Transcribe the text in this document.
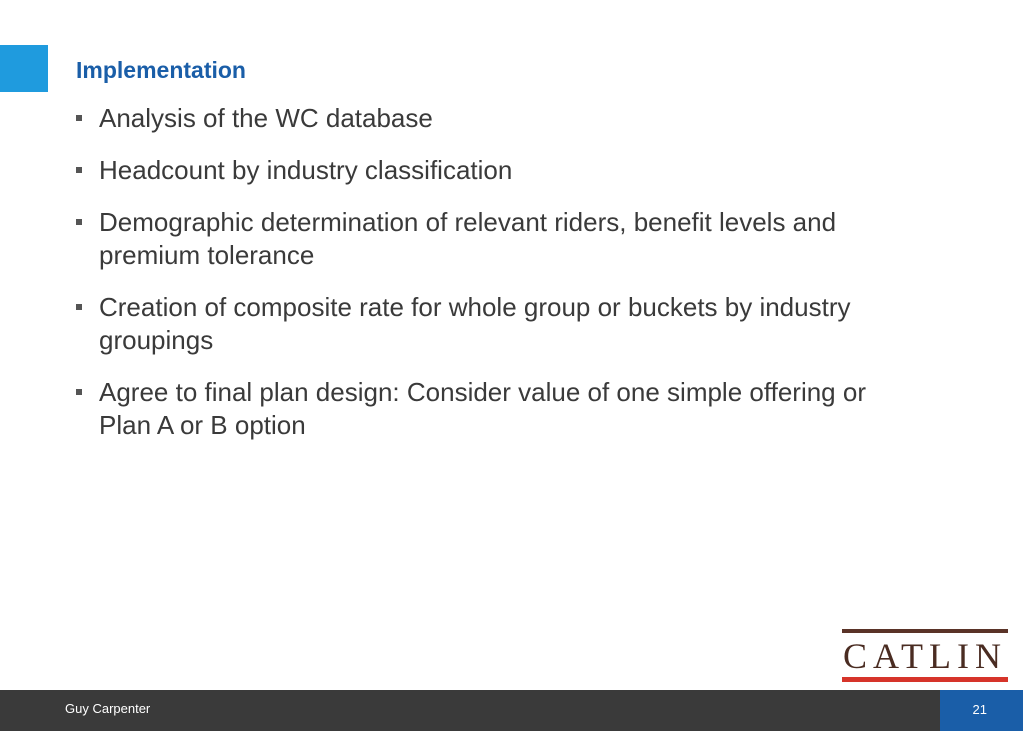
Implementation
Analysis of the WC database
Headcount by industry classification
Demographic determination of relevant riders, benefit levels and premium tolerance
Creation of composite rate for whole group or buckets by industry groupings
Agree to final plan design: Consider value of one simple offering or Plan A or B option
CATLIN
Guy Carpenter	21
